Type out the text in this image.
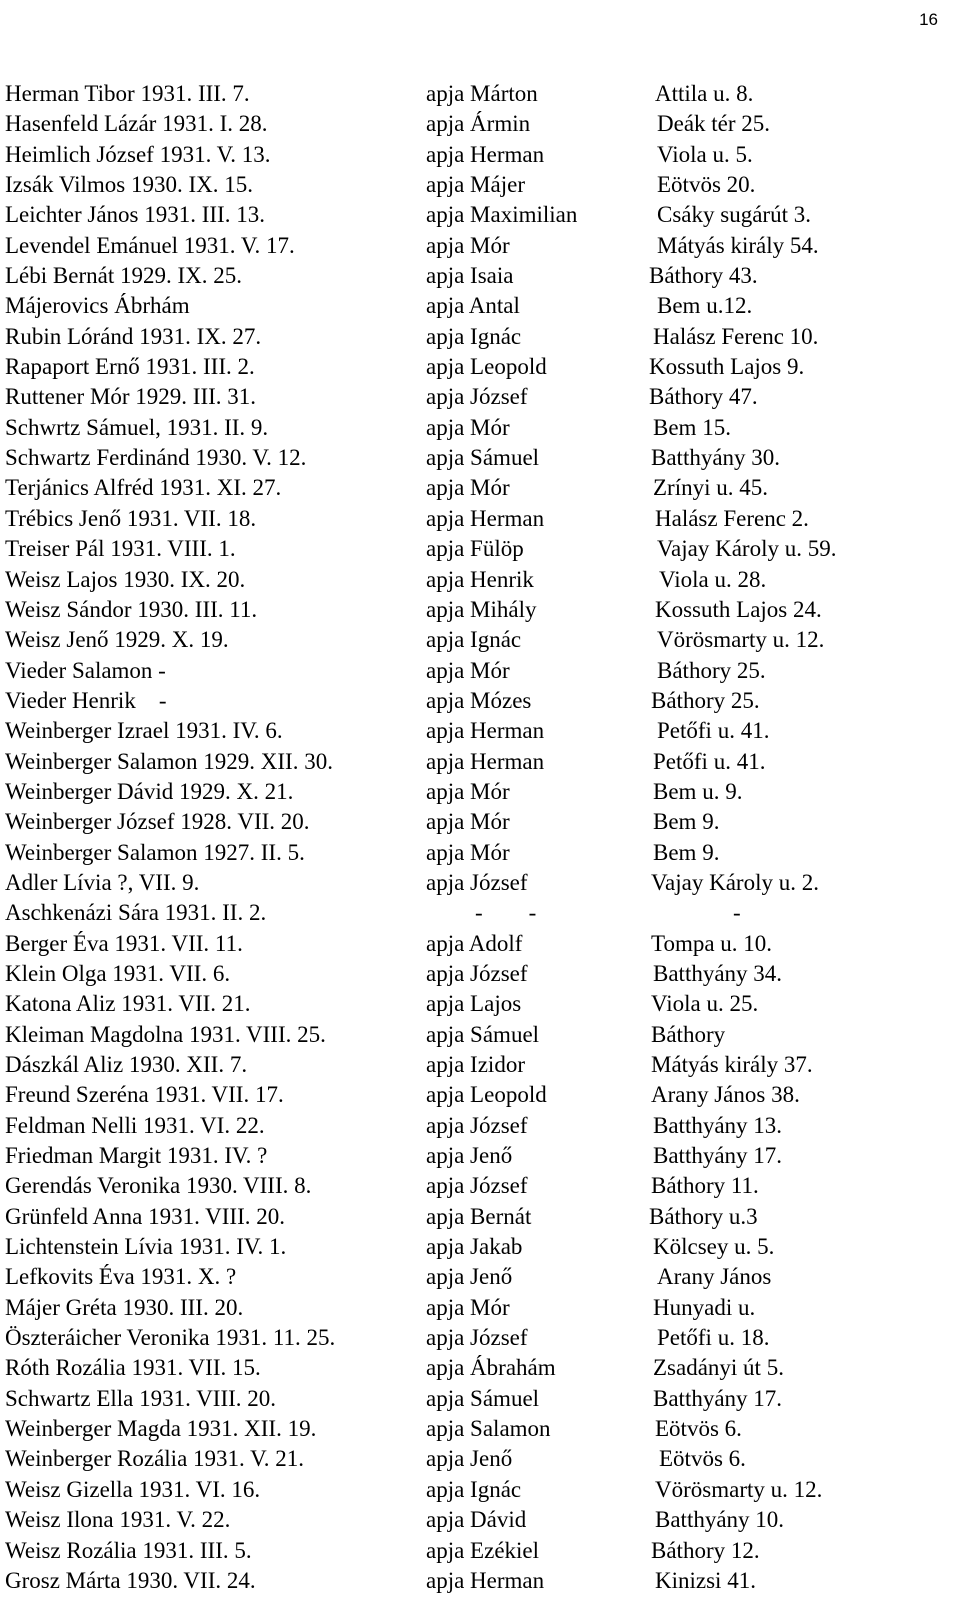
16
Herman Tibor 1931. III. 7.	apja Márton	Attila u. 8.
Hasenfeld Lázár 1931. I. 28.	apja Ármin	Deák tér 25.
Heimlich József 1931. V. 13.	apja Herman	Viola u. 5.
Izsák Vilmos 1930. IX. 15.	apja Májer	Eötvös 20.
Leichter János 1931. III. 13.	apja Maximilian	Csáky sugárút 3.
Levendel Emánuel 1931. V. 17.	apja Mór	Mátyás király 54.
Lébi Bernát 1929. IX. 25.	apja Isaia	Báthory 43.
Májerovics Ábrhám	apja Antal	Bem u.12.
Rubin Lóránd 1931. IX. 27.	apja Ignác	Halász Ferenc 10.
Rapaport Ernő 1931. III. 2.	apja Leopold	Kossuth Lajos 9.
Ruttener Mór 1929. III. 31.	apja József	Báthory 47.
Schwrtz Sámuel, 1931. II. 9.	apja Mór	Bem 15.
Schwartz Ferdinánd 1930. V. 12.	apja Sámuel	Batthyány 30.
Terjánics Alfréd 1931. XI. 27.	apja Mór	Zrínyi u. 45.
Trébics Jenő 1931. VII. 18.	apja Herman	Halász Ferenc 2.
Treiser Pál 1931. VIII. 1.	apja Fülöp	Vajay Károly u. 59.
Weisz Lajos 1930. IX. 20.	apja Henrik	Viola u. 28.
Weisz Sándor 1930. III. 11.	apja Mihály	Kossuth Lajos 24.
Weisz Jenő 1929. X. 19.	apja Ignác	Vörösmarty u. 12.
Vieder Salamon -	apja Mór	Báthory 25.
Vieder Henrik    -	apja Mózes	Báthory 25.
Weinberger Izrael 1931. IV. 6.	apja Herman	Petőfi u. 41.
Weinberger Salamon 1929. XII. 30.	apja Herman	Petőfi u. 41.
Weinberger Dávid 1929. X. 21.	apja Mór	Bem u. 9.
Weinberger József 1928. VII. 20.	apja Mór	Bem 9.
Weinberger Salamon 1927. II. 5.	apja Mór	Bem 9.
Adler Lívia ?, VII. 9.	apja József	Vajay Károly u. 2.
Aschkenázi Sára 1931. II. 2.	-        -	-
Berger Éva 1931. VII. 11.	apja Adolf	Tompa u. 10.
Klein Olga 1931. VII. 6.	apja József	Batthyány 34.
Katona Aliz 1931. VII. 21.	apja Lajos	Viola u. 25.
Kleiman Magdolna 1931. VIII. 25.	apja Sámuel	Báthory
Dászkál Aliz 1930. XII. 7.	apja Izidor	Mátyás király 37.
Freund Szeréna 1931. VII. 17.	apja Leopold	Arany János 38.
Feldman Nelli 1931. VI. 22.	apja József	Batthyány 13.
Friedman Margit 1931. IV. ?	apja Jenő	Batthyány 17.
Gerendás Veronika 1930. VIII. 8.	apja József	Báthory 11.
Grünfeld Anna 1931. VIII. 20.	apja Bernát	Báthory u.3
Lichtenstein Lívia 1931. IV. 1.	apja Jakab	Kölcsey u. 5.
Lefkovits Éva 1931. X. ?	apja Jenő	Arany János
Májer Gréta 1930. III. 20.	apja Mór	Hunyadi u.
Öszteráicher Veronika 1931. 11. 25.	apja József	Petőfi u. 18.
Róth Rozália 1931. VII. 15.	apja Ábrahám	Zsadányi út 5.
Schwartz Ella 1931. VIII. 20.	apja Sámuel	Batthyány 17.
Weinberger Magda 1931. XII. 19.	apja Salamon	Eötvös 6.
Weinberger Rozália 1931. V. 21.	apja Jenő	Eötvös 6.
Weisz Gizella 1931. VI. 16.	apja Ignác	Vörösmarty u. 12.
Weisz Ilona 1931. V. 22.	apja Dávid	Batthyány 10.
Weisz Rozália 1931. III. 5.	apja Ezékiel	Báthory 12.
Grosz Márta 1930. VII. 24.	apja Herman	Kinizsi 41.
